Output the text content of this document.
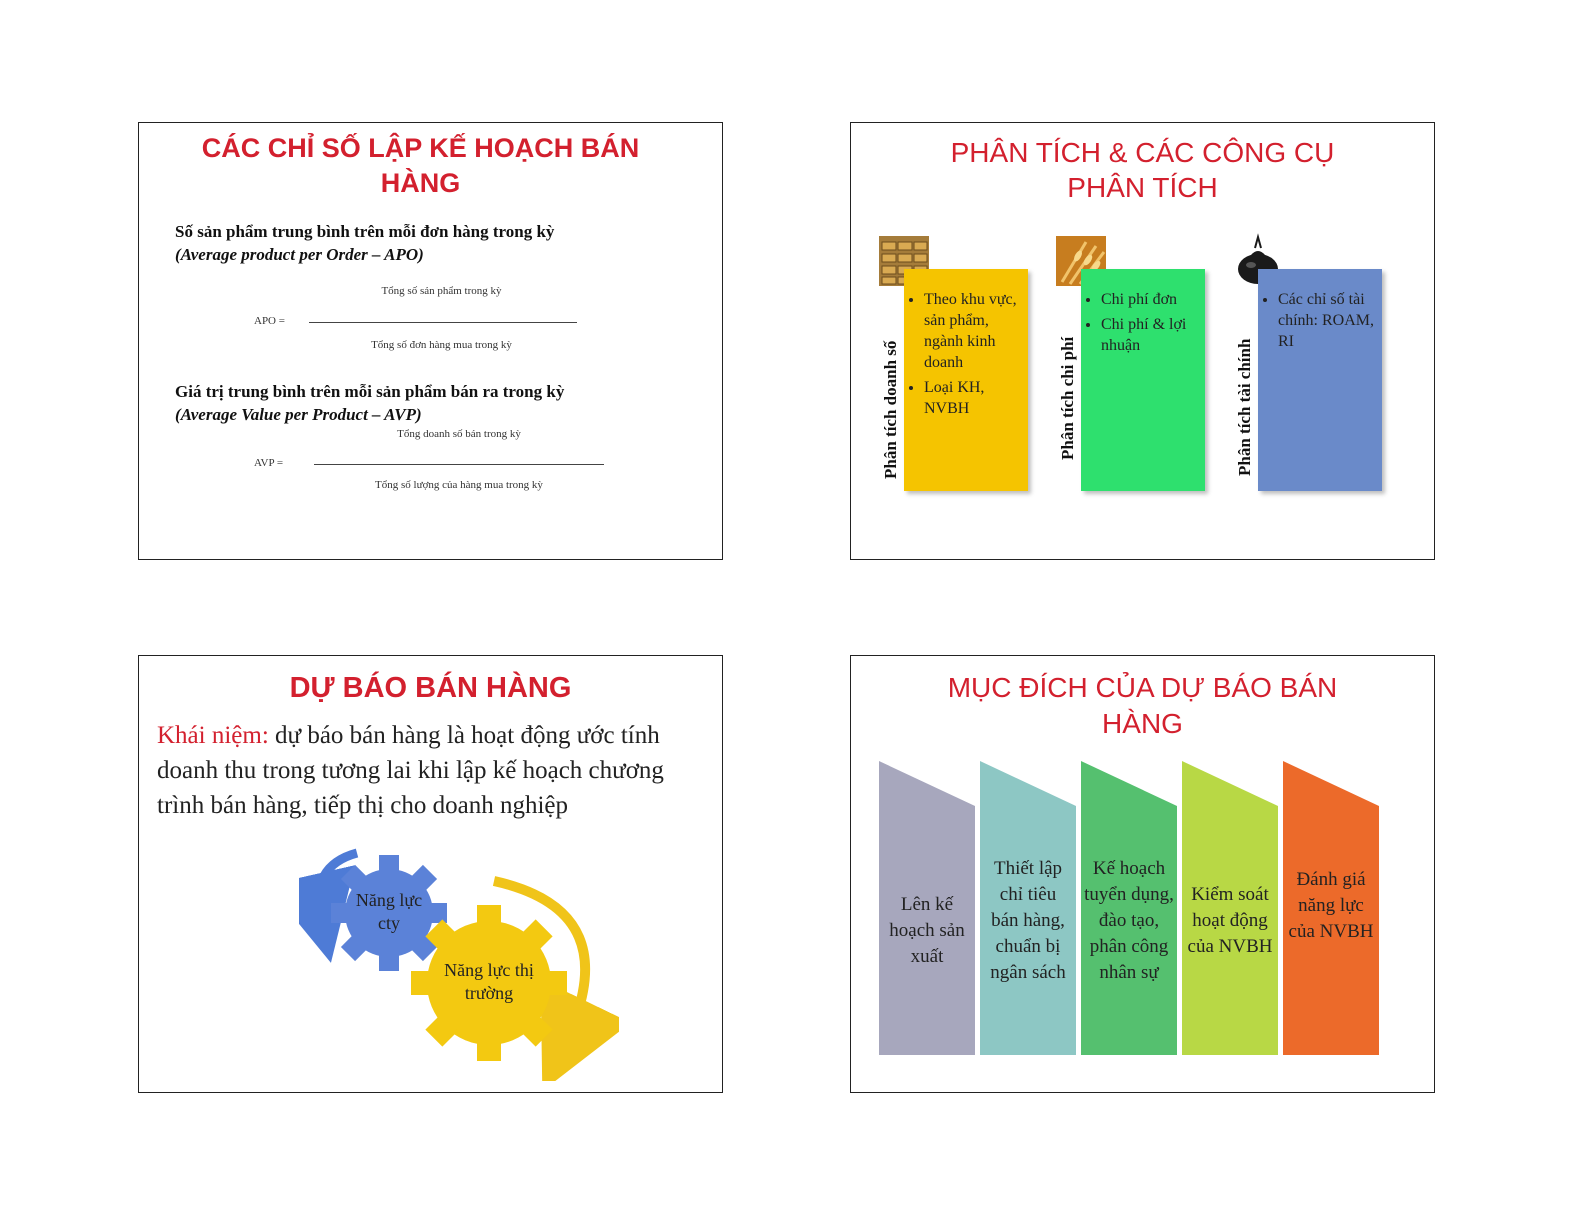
CÁC CHỈ SỐ LẬP KẾ HOẠCH BÁN
HÀNG
Số sản phẩm trung bình trên mỗi đơn hàng trong kỳ
(Average product per Order – APO)
Tổng số sản phẩm trong kỳ
APO =
Tổng số đơn hàng mua trong kỳ
Giá trị trung bình trên mỗi sản phẩm bán ra trong kỳ
(Average Value per Product – AVP)
Tổng doanh số bán trong kỳ
AVP =
Tổng số lượng của hàng mua trong kỳ
PHÂN TÍCH & CÁC CÔNG CỤ
PHÂN TÍCH
Phân tích doanh số
• Theo khu vực, sản phẩm, ngành kinh doanh
• Loại KH, NVBH	Phân tích chi phí
• Chi phí đơn
• Chi phí & lợi nhuận	Phân tích tài chính
• Các chỉ số tài chính: ROAM, RI
DỰ BÁO BÁN HÀNG
Khái niệm: dự báo bán hàng là hoạt động ước tính doanh thu trong tương lai khi lập kế hoạch chương trình bán hàng, tiếp thị cho doanh nghiệp
Năng lực cty
Năng lực thị trường
MỤC ĐÍCH CỦA DỰ BÁO BÁN
HÀNG
Lên kế hoạch sản xuất
Thiết lập chỉ tiêu bán hàng, chuẩn bị ngân sách
Kế hoạch tuyển dụng, đào tạo, phân công nhân sự
Kiểm soát hoạt động của NVBH
Đánh giá năng lực của NVBH
